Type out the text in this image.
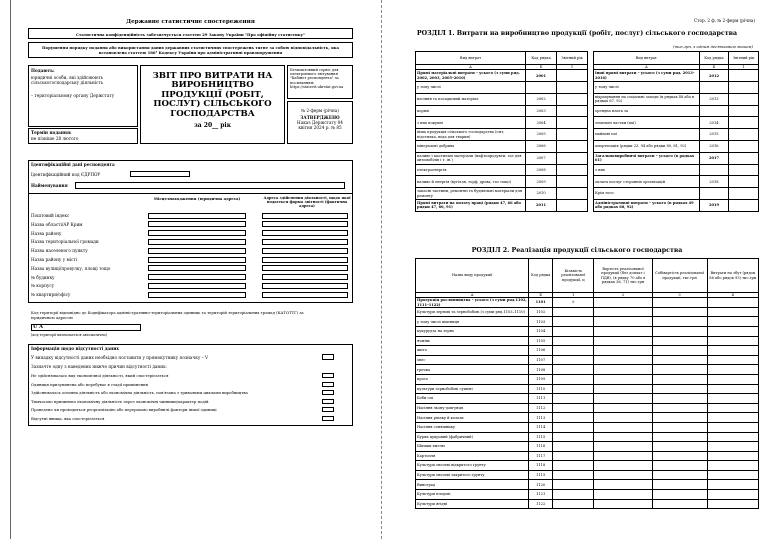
Державне статистичне спостереження
Статистична конфіденційність забезпечується статтею 29 Закону України "Про офіційну статистику"
Порушення порядку подання або використання даних державних статистичних спостережень тягне за собою відповідальність, яка встановлена статтею 186³ Кодексу України про адміністративні правопорушення
Подають:
юридичні особи, які здійснюють сільськогосподарську діяльність
– територіальному органу Держстату
Термін подання:
не пізніше 28 лютого
ЗВІТ ПРО ВИТРАТИ НА ВИРОБНИЦТВО ПРОДУКЦІЇ (РОБІТ, ПОСЛУГ) СІЛЬСЬКОГО ГОСПОДАРСТВА
за 20__ рік
Безкоштовний сервіс для електронного звітування "Кабінет респондента" за посиланням: https://statzvit.ukrstat.gov.ua
№ 2-ферм (річна)
ЗАТВЕРДЖЕНО
Наказ Держстату 04 квітня 2024 р. № 85
Ідентифікаційні дані респондента
Ідентифікаційний код ЄДРПОУ
Найменування
Місцезнаходження (юридична адреса)	Адреса здійснення діяльності, щодо якої подається форма звітності (фактична адреса)
Поштовий індекс
Назва області/АР Крим
Назва району
Назва територіальної громади
Назва населеного пункту
Назва району у місті
Назва вулиці/провулку, площі тощо
№ будинку
№ корпусу
№ квартири/офісу
Код території відповідно до Кодифікатора адміністративно-територіальних одиниць та територій територіальних громад (КАТОТТГ) за юридичною адресою
U A
(код території визначається автоматично)
Інформація щодо відсутності даних
У випадку відсутності даних необхідно поставити у прямокутнику позначку – V
Зазначте одну з наведених нижче причин відсутності даних:
Не здійснювалась вид економічної діяльності, який спостерігається
Одиниця призупинена або перебуває в стадії припинення
Здійснювалась основна діяльність або економічна діяльність, пов'язана з тривалими циклами виробництва
Тимчасово припинено економічну діяльність через економічні чинники/характер подій
Проведено чи проводиться реорганізацію або перерахово виробничі фактори іншої одиниці
Відсутні явища, яка спостерігається
Стор. 2 ф. № 2-ферм (річна)
РОЗДІЛ 1. Витрати на виробництво продукції (робіт, послуг) сільського господарства
(тис.грн, з одним десятковим знаком)
Вид витрат	Код рядка	Звітний рік
А	Б	1
Прямі матеріальні витрати – усього (з суми ряд. 2002, 2003, 2005–2010)	2001	
у тому числі		
насіння та посадковий матеріал	2002	
корми	2003	
з них покупні	2004	
інша продукція сільського господарства (смт, підстилка, вода для тварин)	2005	
мінеральні добрива	2006	
паливо і мастильні матеріали (нафтопродукти, газ для автомобілів і т. ін.)	2007	
електроенергія	2008	
паливо й енергія (вугілля, торф, дрова, газ тощо)	2009	
запасні частини, ремонтні та будівельні матеріали для ремонту	2010	
Прямі витрати на оплату праці (рядки 47, 66 або рядки 47, 66, 91)	2011	
Вид витрат	Код рядка	Звітний рік
А	Б	1
Інші прямі витрати – усього (з суми ряд. 2013–2016)	2012	
у тому числі		
відрахування на соціальні заходи (в рядках 48 або в рядках 67, 92)	2013	
орендна плата за		
земельні частки (паї)	2014	
майнові паї	2015	
амортизація (рядки 23, 94 або рядки 80, 81, 92)	2016	
Загальновиробничі витрати – усього (в рядках 61)	2017	
з них		
оплата послуг сторонніх організацій	2018	
Крім того:		
Адміністративні витрати – усього (в рядках 49 або рядках 68, 92)	2019	
РОЗДІЛ 2. Реалізація продукції сільського господарства
Назва виду продукції	Код рядка	Кількість реалізованої продукції, ц	Вартість реалізованої продукції (без доплат і ПДВ), (в рядку 70 або в рядках 36, 71) тис.грн	Собівартість реалізованої продукції, тис.грн	Витрати на збут (рядок 86 або рядок 93) тис.грн
А	Б	1	2	3	4
Продукція рослинництва – усього (з суми ряд.1102, 1111–1122)	1101	×			
Культури зернові та зернобобові (з суми ряд.1103–1110)	1102				
у тому числі пшениця	1103				
кукурудза на зерно	1104				
ячмінь	1105				
жито	1106				
овес	1107				
гречка	1108				
просо	1109				
культури зернобобові сушені	1110				
Боби олі	1111				
Насіння льону-довгунця	1112				
Насіння ріпаку й кользи	1113				
Насіння соняшнику	1114				
Буряк цукровий (фабричний)	1115				
Шишки хмелю	1116				
Картопля	1117				
Культури овочеві відкритого ґрунту	1118				
Культури овочеві закритого ґрунту	1119				
Виноград	1120				
Культури плодові	1121				
Культури ягідні	1122				
